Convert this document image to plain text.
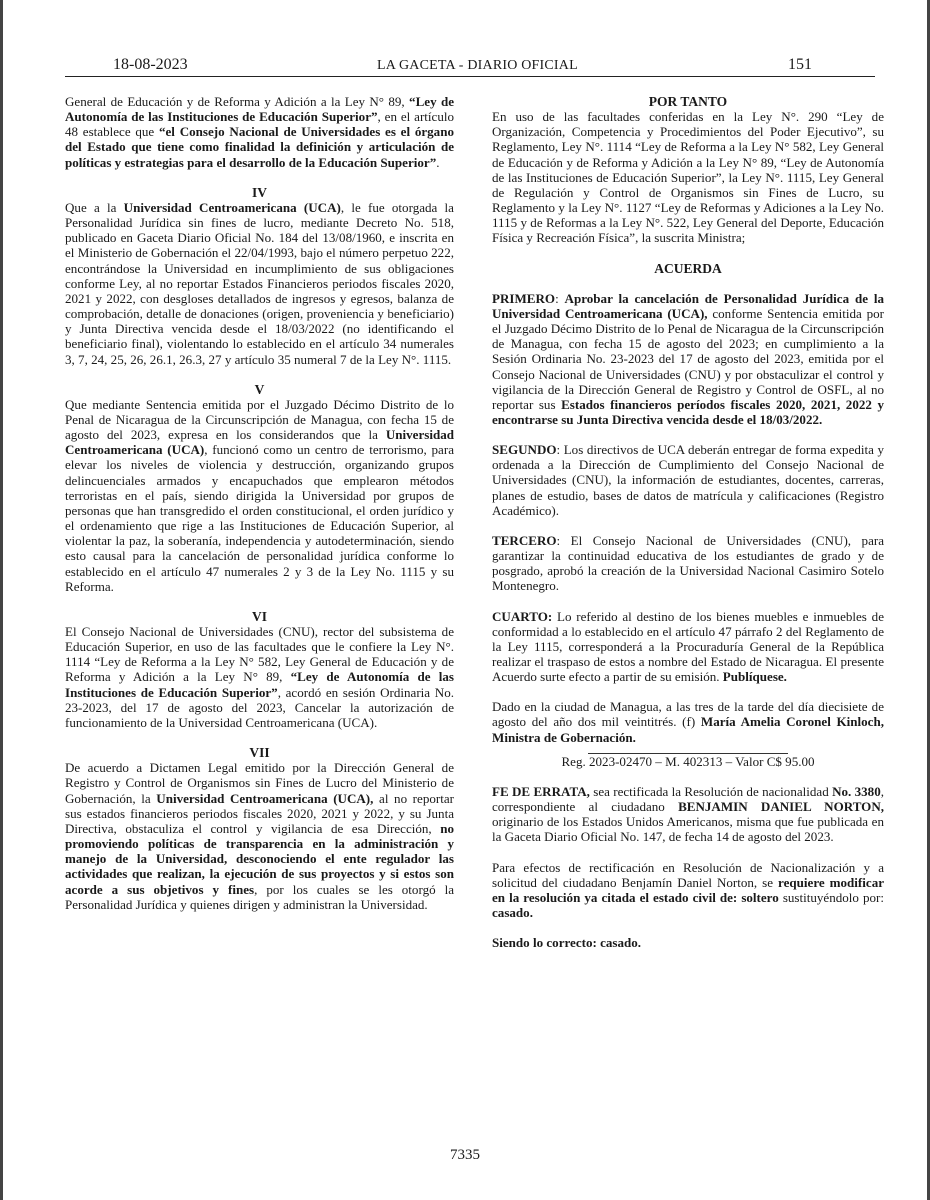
18-08-2023	LA GACETA - DIARIO OFICIAL	151

General de Educación y de Reforma y Adición a la Ley N° 89, “Ley de Autonomía de las Instituciones de Educación Superior”, en el artículo 48 establece que “el Consejo Nacional de Universidades es el órgano del Estado que tiene como finalidad la definición y articulación de políticas y estrategias para el desarrollo de la Educación Superior”.

IV

Que a la Universidad Centroamericana (UCA), le fue otorgada la Personalidad Jurídica sin fines de lucro, mediante Decreto No. 518, publicado en Gaceta Diario Oficial No. 184 del 13/08/1960, e inscrita en el Ministerio de Gobernación el 22/04/1993, bajo el número perpetuo 222, encontrándose la Universidad en incumplimiento de sus obligaciones conforme Ley, al no reportar Estados Financieros periodos fiscales 2020, 2021 y 2022, con desgloses detallados de ingresos y egresos, balanza de comprobación, detalle de donaciones (origen, proveniencia y beneficiario) y Junta Directiva vencida desde el 18/03/2022 (no identificando el beneficiario final), violentando lo establecido en el artículo 34 numerales 3, 7, 24, 25, 26, 26.1, 26.3, 27 y artículo 35 numeral 7 de la Ley N°. 1115.

V

Que mediante Sentencia emitida por el Juzgado Décimo Distrito de lo Penal de Nicaragua de la Circunscripción de Managua, con fecha 15 de agosto del 2023, expresa en los considerandos que la Universidad Centroamericana (UCA), funcionó como un centro de terrorismo, para elevar los niveles de violencia y destrucción, organizando grupos delincuenciales armados y encapuchados que emplearon métodos terroristas en el país, siendo dirigida la Universidad por grupos de personas que han transgredido el orden constitucional, el orden jurídico y el ordenamiento que rige a las Instituciones de Educación Superior, al violentar la paz, la soberanía, independencia y autodeterminación, siendo esto causal para la cancelación de personalidad jurídica conforme lo establecido en el artículo 47 numerales 2 y 3 de la Ley No. 1115 y su Reforma.

VI

El Consejo Nacional de Universidades (CNU), rector del subsistema de Educación Superior, en uso de las facultades que le confiere la Ley N°. 1114 “Ley de Reforma a la Ley N° 582, Ley General de Educación y de Reforma y Adición a la Ley N° 89, “Ley de Autonomía de las Instituciones de Educación Superior”, acordó en sesión Ordinaria No. 23-2023, del 17 de agosto del 2023, Cancelar la autorización de funcionamiento de la Universidad Centroamericana (UCA).

VII

De acuerdo a Dictamen Legal emitido por la Dirección General de Registro y Control de Organismos sin Fines de Lucro del Ministerio de Gobernación, la Universidad Centroamericana (UCA), al no reportar sus estados financieros periodos fiscales 2020, 2021 y 2022, y su Junta Directiva, obstaculiza el control y vigilancia de esa Dirección, no promoviendo políticas de transparencia en la administración y manejo de la Universidad, desconociendo el ente regulador las actividades que realizan, la ejecución de sus proyectos y si estos son acorde a sus objetivos y fines, por los cuales se les otorgó la Personalidad Jurídica y quienes dirigen y administran la Universidad.

POR TANTO

En uso de las facultades conferidas en la Ley N°. 290 “Ley de Organización, Competencia y Procedimientos del Poder Ejecutivo”, su Reglamento, Ley N°. 1114 “Ley de Reforma a la Ley N° 582, Ley General de Educación y de Reforma y Adición a la Ley N° 89, “Ley de Autonomía de las Instituciones de Educación Superior”, la Ley N°. 1115, Ley General de Regulación y Control de Organismos sin Fines de Lucro, su Reglamento y la Ley N°. 1127 “Ley de Reformas y Adiciones a la Ley No. 1115 y de Reformas a la Ley N°. 522, Ley General del Deporte, Educación Física y Recreación Física”, la suscrita Ministra;

ACUERDA

PRIMERO: Aprobar la cancelación de Personalidad Jurídica de la Universidad Centroamericana (UCA), conforme Sentencia emitida por el Juzgado Décimo Distrito de lo Penal de Nicaragua de la Circunscripción de Managua, con fecha 15 de agosto del 2023; en cumplimiento a la Sesión Ordinaria No. 23-2023 del 17 de agosto del 2023, emitida por el Consejo Nacional de Universidades (CNU) y por obstaculizar el control y vigilancia de la Dirección General de Registro y Control de OSFL, al no reportar sus Estados financieros períodos fiscales 2020, 2021, 2022 y encontrarse su Junta Directiva vencida desde el 18/03/2022.

SEGUNDO: Los directivos de UCA deberán entregar de forma expedita y ordenada a la Dirección de Cumplimiento del Consejo Nacional de Universidades (CNU), la información de estudiantes, docentes, carreras, planes de estudio, bases de datos de matrícula y calificaciones (Registro Académico).

TERCERO: El Consejo Nacional de Universidades (CNU), para garantizar la continuidad educativa de los estudiantes de grado y de posgrado, aprobó la creación de la Universidad Nacional Casimiro Sotelo Montenegro.

CUARTO: Lo referido al destino de los bienes muebles e inmuebles de conformidad a lo establecido en el artículo 47 párrafo 2 del Reglamento de la Ley 1115, corresponderá a la Procuraduría General de la República realizar el traspaso de estos a nombre del Estado de Nicaragua. El presente Acuerdo surte efecto a partir de su emisión. Publíquese.

Dado en la ciudad de Managua, a las tres de la tarde del día diecisiete de agosto del año dos mil veintitrés. (f) María Amelia Coronel Kinloch, Ministra de Gobernación.

Reg. 2023-02470 – M. 402313 – Valor C$ 95.00

FE DE ERRATA, sea rectificada la Resolución de nacionalidad No. 3380, correspondiente al ciudadano BENJAMIN DANIEL NORTON, originario de los Estados Unidos Americanos, misma que fue publicada en la Gaceta Diario Oficial No. 147, de fecha 14 de agosto del 2023.

Para efectos de rectificación en Resolución de Nacionalización y a solicitud del ciudadano Benjamín Daniel Norton, se requiere modificar en la resolución ya citada el estado civil de: soltero sustituyéndolo por: casado.

Siendo lo correcto: casado.

7335
